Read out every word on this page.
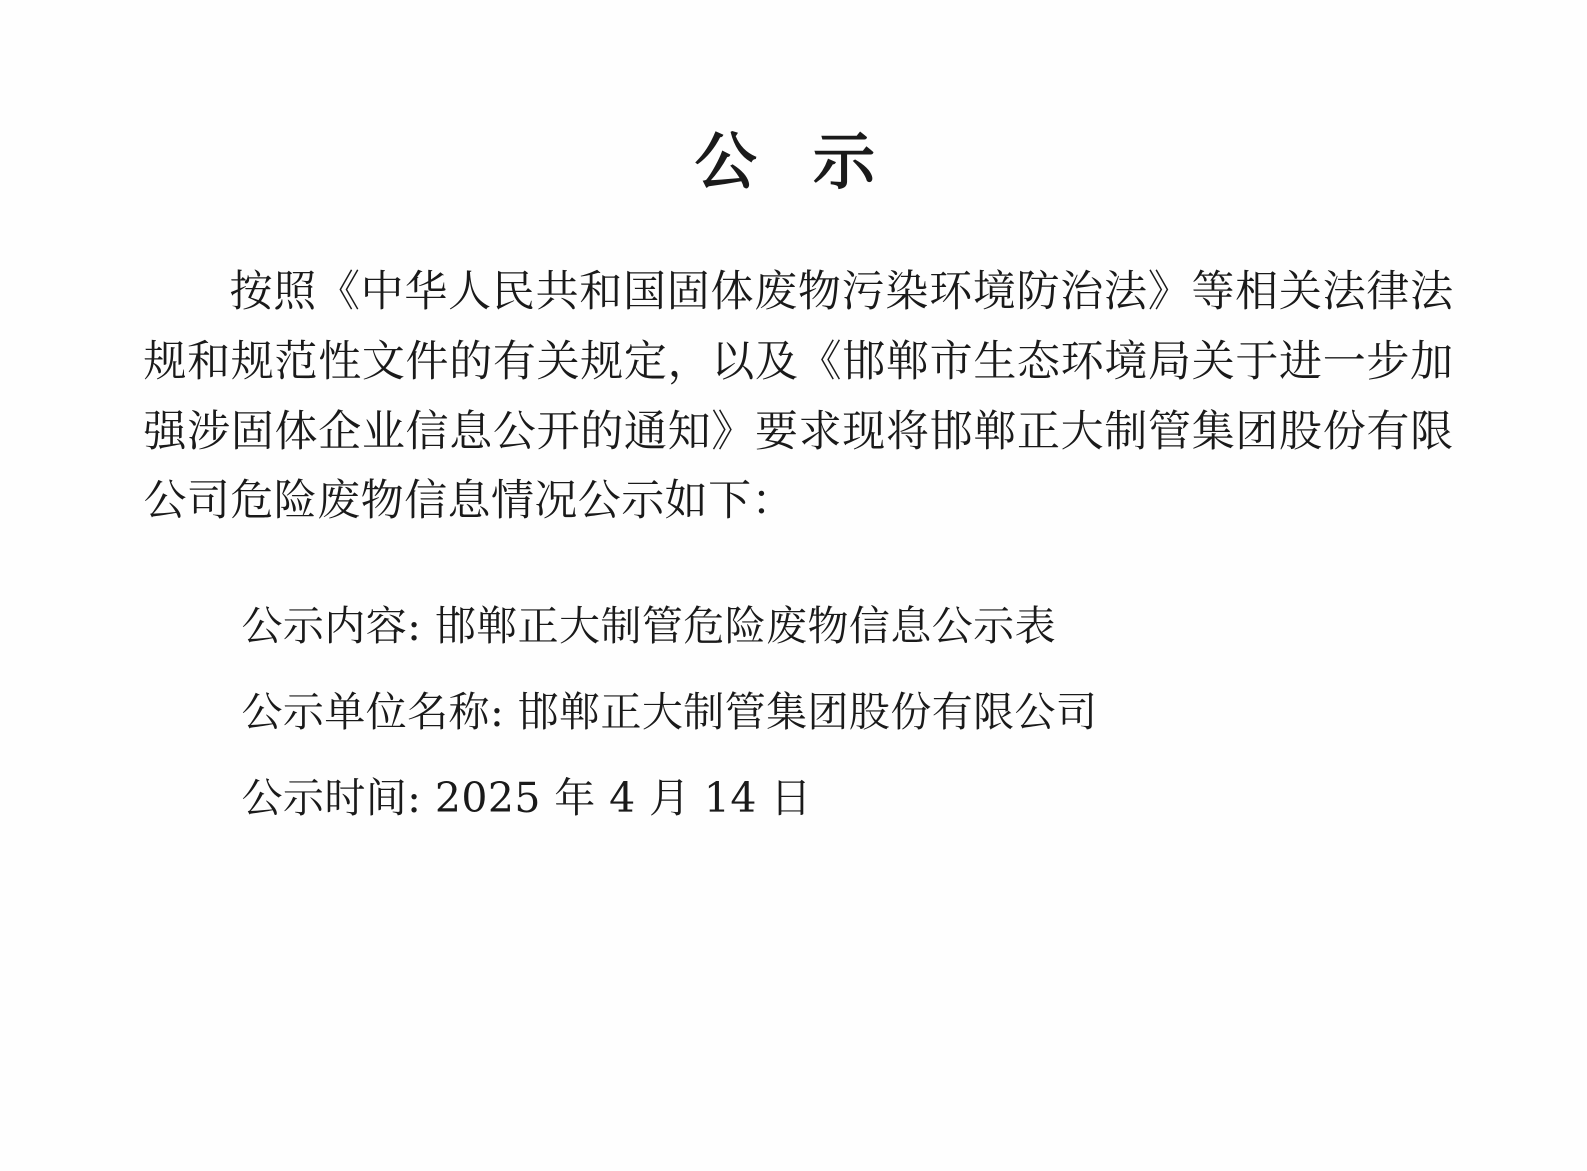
公 示
按照《中华人民共和国固体废物污染环境防治法》等相关法律法规和规范性文件的有关规定，以及《邯郸市生态环境局关于进一步加强涉固体企业信息公开的通知》要求现将邯郸正大制管集团股份有限公司危险废物信息情况公示如下：
公示内容: 邯郸正大制管危险废物信息公示表
公示单位名称: 邯郸正大制管集团股份有限公司
公示时间: 2025 年 4 月 14 日
